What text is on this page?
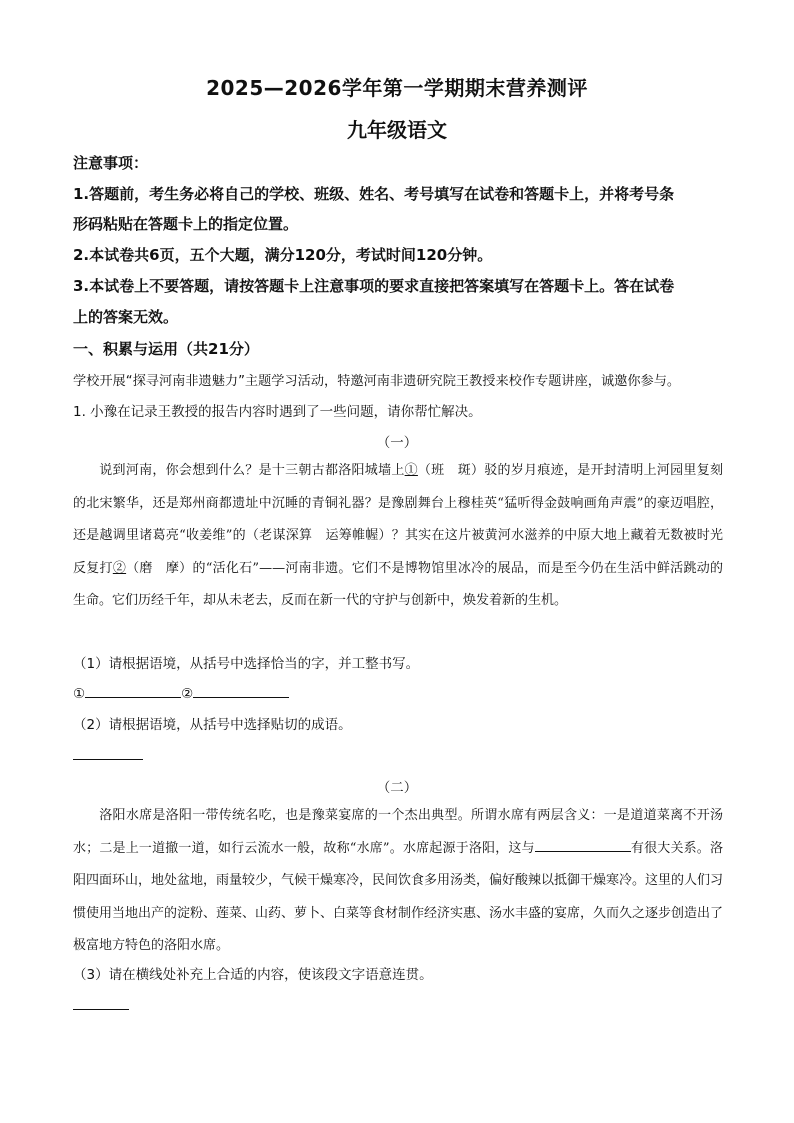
2025—2026学年第一学期期末营养测评
九年级语文
注意事项：
1.答题前，考生务必将自己的学校、班级、姓名、考号填写在试卷和答题卡上，并将考号条
形码粘贴在答题卡上的指定位置。
2.本试卷共6页，五个大题，满分120分，考试时间120分钟。
3.本试卷上不要答题，请按答题卡上注意事项的要求直接把答案填写在答题卡上。答在试卷
上的答案无效。
一、积累与运用（共21分）
学校开展“探寻河南非遗魅力”主题学习活动，特邀河南非遗研究院王教授来校作专题讲座，诚邀你参与。
1. 小豫在记录王教授的报告内容时遇到了一些问题，请你帮忙解决。
（一）
说到河南，你会想到什么？是十三朝古都洛阳城墙上①（班　斑）驳的岁月痕迹，是开封清明上河园里复刻的北宋繁华，还是郑州商都遗址中沉睡的青铜礼器？是豫剧舞台上穆桂英“猛听得金鼓响画角声震”的豪迈唱腔，还是越调里诸葛亮“收姜维”的（老谋深算　运筹帷幄）？其实在这片被黄河水滋养的中原大地上藏着无数被时光反复打②（磨　摩）的“活化石”——河南非遗。它们不是博物馆里冰冷的展品，而是至今仍在生活中鲜活跳动的生命。它们历经千年，却从未老去，反而在新一代的守护与创新中，焕发着新的生机。
（1）请根据语境，从括号中选择恰当的字，并工整书写。
①	②
（2）请根据语境，从括号中选择贴切的成语。
（二）
洛阳水席是洛阳一带传统名吃，也是豫菜宴席的一个杰出典型。所谓水席有两层含义：一是道道菜离不开汤水；二是上一道撤一道，如行云流水一般，故称“水席”。水席起源于洛阳，这与	有很大关系。洛阳四面环山，地处盆地，雨量较少，气候干燥寒冷，民间饮食多用汤类，偏好酸辣以抵御干燥寒冷。这里的人们习惯使用当地出产的淀粉、莲菜、山药、萝卜、白菜等食材制作经济实惠、汤水丰盛的宴席，久而久之逐步创造出了极富地方特色的洛阳水席。
（3）请在横线处补充上合适的内容，使该段文字语意连贯。
